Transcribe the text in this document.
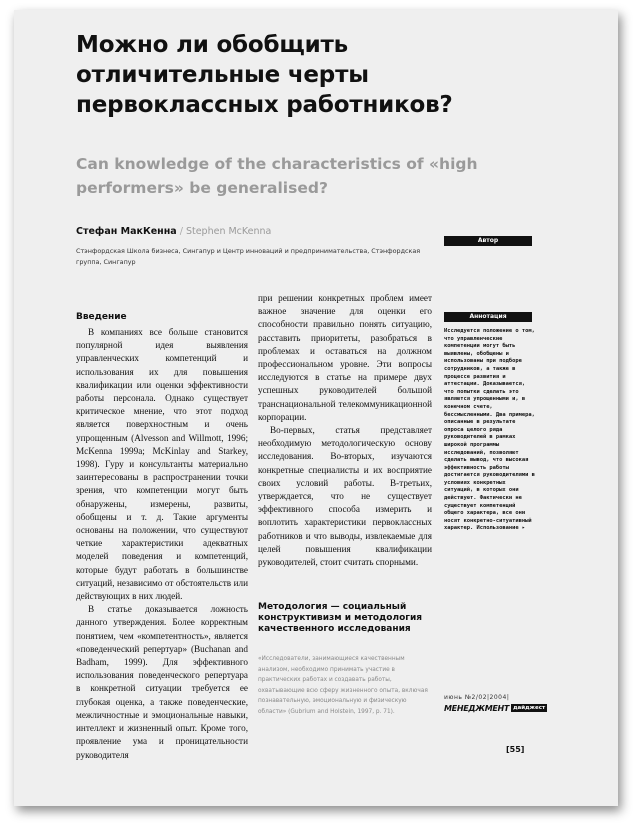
Можно ли обобщить отличительные черты первоклассных работников?
Can knowledge of the characteristics of «high performers» be generalised?
Стефан МакКенна / Stephen McKenna
Автор
Стэнфордская Школа бизнеса, Сингапур и Центр инноваций и предпринимательства, Стэнфордская группа, Сингапур
Введение

В компаниях все больше становится популярной идея выявления управленческих компетенций и использования их для повышения квалификации или оценки эффективности работы персонала. Однако существует критическое мнение, что этот подход является поверхностным и очень упрощенным (Alvesson and Willmott, 1996; McKenna 1999a; McKinlay and Starkey, 1998). Гуру и консультанты материально заинтересованы в распространении точки зрения, что компетенции могут быть обнаружены, измерены, развиты, обобщены и т. д. Такие аргументы основаны на положении, что существуют четкие характеристики адекватных моделей поведения и компетенций, которые будут работать в большинстве ситуаций, независимо от обстоятельств или действующих в них людей.

В статье доказывается ложность данного утверждения. Более корректным понятием, чем «компетентность», является «поведенческий репертуар» (Buchanan and Badham, 1999). Для эффективного использования поведенческого репертуара в конкретной ситуации требуется ее глубокая оценка, а также поведенческие, межличностные и эмоциональные навыки, интеллект и жизненный опыт. Кроме того, проявление ума и проницательности руководителя

при решении конкретных проблем имеет важное значение для оценки его способности правильно понять ситуацию, расставить приоритеты, разобраться в проблемах и оставаться на должном профессиональном уровне. Эти вопросы исследуются в статье на примере двух успешных руководителей большой транснациональной телекоммуникационной корпорации.

Во-первых, статья представляет необходимую методологическую основу исследования. Во-вторых, изучаются конкретные специалисты и их восприятие своих условий работы. В-третьих, утверждается, что не существует эффективного способа измерить и воплотить характеристики первоклассных работников и что выводы, извлекаемые для целей повышения квалификации руководителей, стоит считать спорными.

Методология — социальный конструктивизм и методология качественного исследования
«Исследователи, занимающиеся качественным анализом, необходимо принимать участие в практических работах и создавать работы, охватывающие всю сферу жизненного опыта, включая познавательную, эмоциональную и физическую области» (Gubrium and Holstein, 1997, p. 71).
Аннотация
Исследуется положение о том, что управленческие компетенции могут быть выявлены, обобщены и использованы при подборе сотрудников, а также в процессе развития и аттестации. Доказывается, что попытки сделать это являются упрощенными и, в конечном счете, бессмысленными. Два примера, описанные в результате опроса целого ряда руководителей в рамках широкой программы исследований, позволяют сделать вывод, что высокая эффективность работы достигается руководителями в условиях конкретных ситуаций, в которых они действуют. Фактически не существует компетенций общего характера, все они носят конкретно-ситуативный характер. Использование ▸
июнь №2/02|2004|
МЕНЕДЖМЕНТ дайджест
[55]
